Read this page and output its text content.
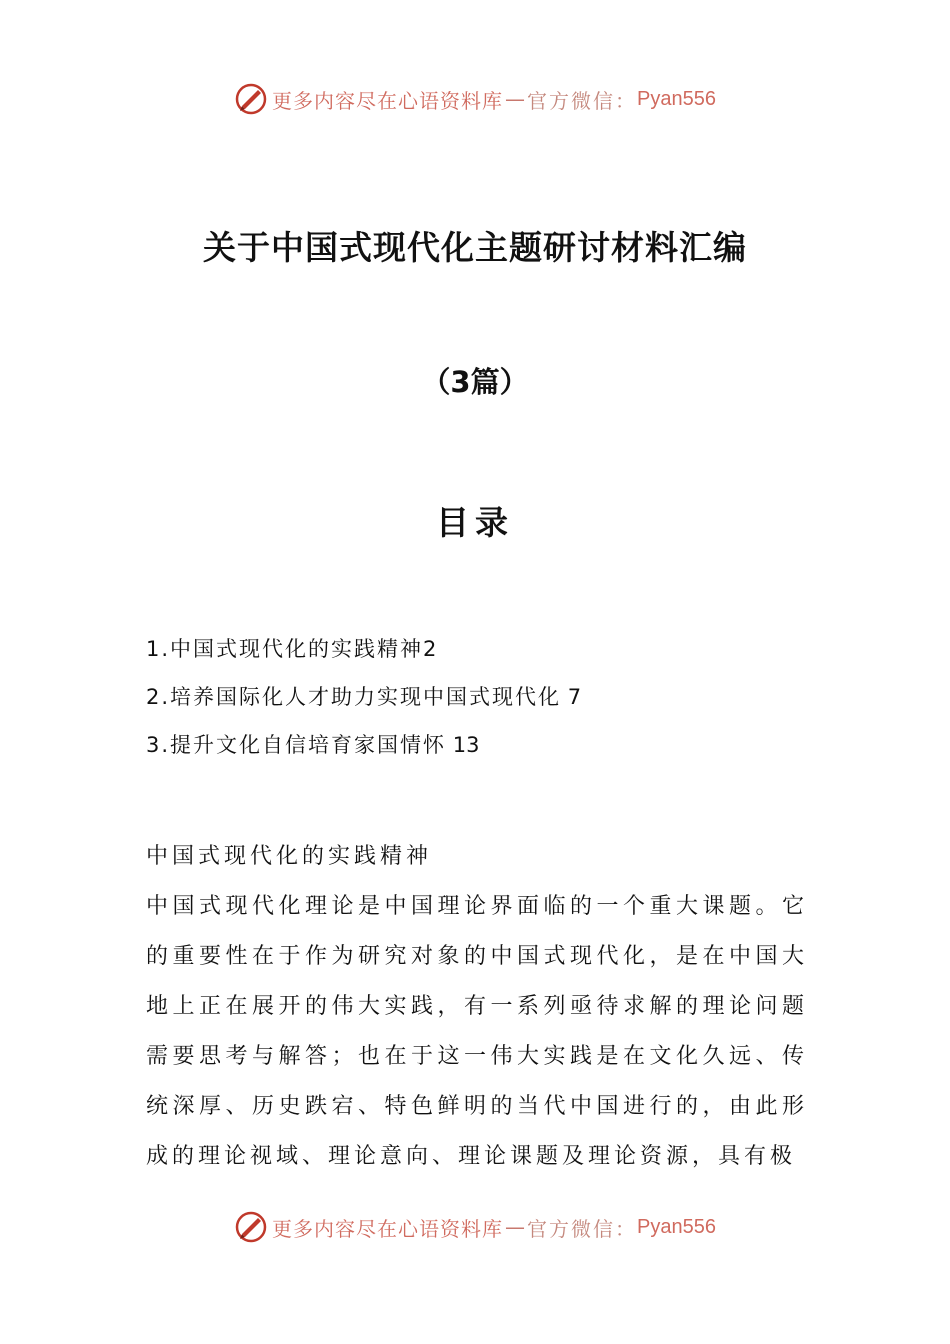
更多内容尽在心语资料库 — 官方微信： Pyan556
关于中国式现代化主题研讨材料汇编
（3篇）
目录
1.中国式现代化的实践精神2
2.培养国际化人才助力实现中国式现代化 7
3.提升文化自信培育家国情怀 13

中国式现代化的实践精神

中国式现代化理论是中国理论界面临的一个重大课题。它的重要性在于作为研究对象的中国式现代化，是在中国大地上正在展开的伟大实践，有一系列亟待求解的理论问题需要思考与解答；也在于这一伟大实践是在文化久远、传统深厚、历史跌宕、特色鲜明的当代中国进行的，由此形成的理论视域、理论意向、理论课题及理论资源，具有极

更多内容尽在心语资料库 — 官方微信： Pyan556
